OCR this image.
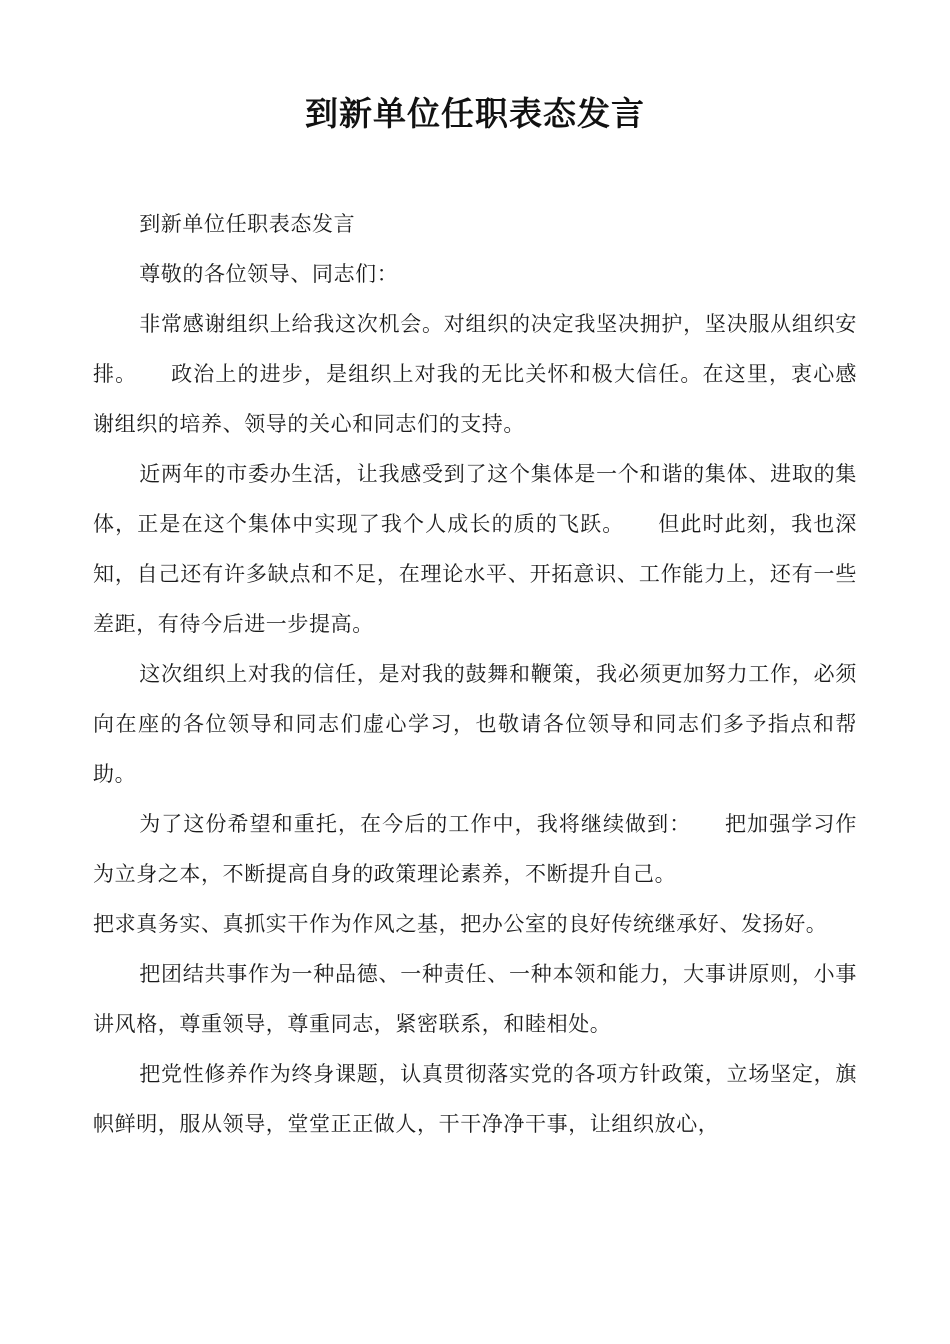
到新单位任职表态发言

到新单位任职表态发言

尊敬的各位领导、同志们：

非常感谢组织上给我这次机会。对组织的决定我坚决拥护，坚决服从组织安排。　　政治上的进步，是组织上对我的无比关怀和极大信任。在这里，衷心感谢组织的培养、领导的关心和同志们的支持。

近两年的市委办生活，让我感受到了这个集体是一个和谐的集体、进取的集体，正是在这个集体中实现了我个人成长的质的飞跃。　　但此时此刻，我也深知，自己还有许多缺点和不足，在理论水平、开拓意识、工作能力上，还有一些差距，有待今后进一步提高。

这次组织上对我的信任，是对我的鼓舞和鞭策，我必须更加努力工作，必须向在座的各位领导和同志们虚心学习，也敬请各位领导和同志们多予指点和帮助。

为了这份希望和重托，在今后的工作中，我将继续做到：　　把加强学习作为立身之本，不断提高自身的政策理论素养，不断提升自己。

把求真务实、真抓实干作为作风之基，把办公室的良好传统继承好、发扬好。

把团结共事作为一种品德、一种责任、一种本领和能力，大事讲原则，小事讲风格，尊重领导，尊重同志，紧密联系，和睦相处。

把党性修养作为终身课题，认真贯彻落实党的各项方针政策，立场坚定，旗帜鲜明，服从领导，堂堂正正做人，干干净净干事，让组织放心，
